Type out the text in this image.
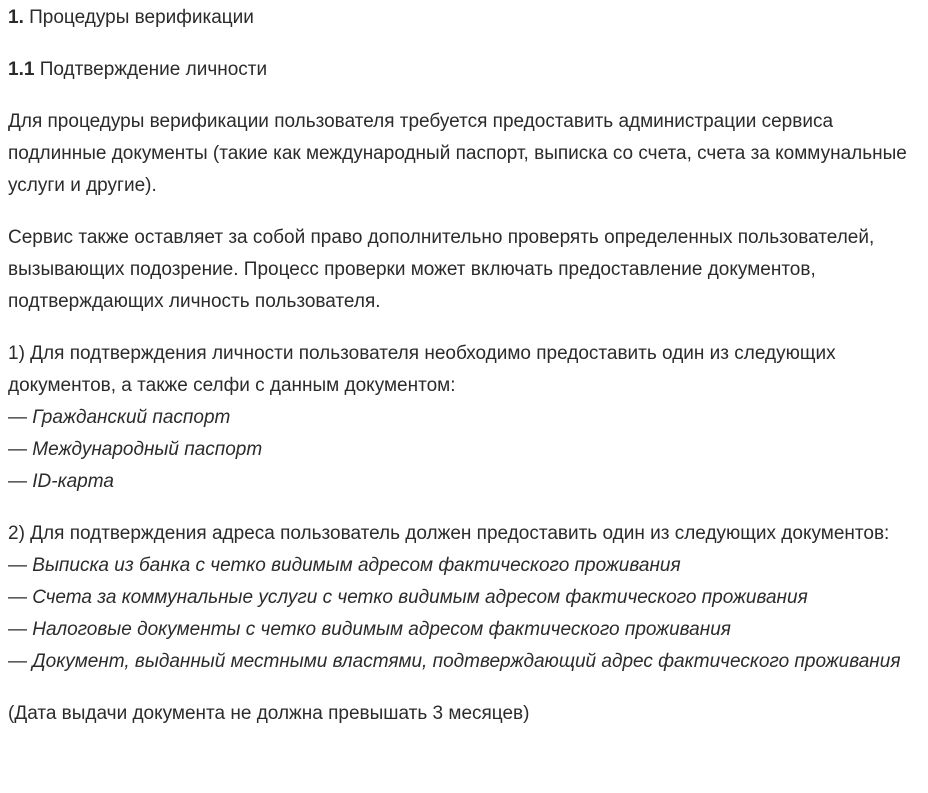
1. Процедуры верификации

1.1 Подтверждение личности

Для процедуры верификации пользователя требуется предоставить администрации сервиса подлинные документы (такие как международный паспорт, выписка со счета, счета за коммунальные услуги и другие).

Сервис также оставляет за собой право дополнительно проверять определенных пользователей, вызывающих подозрение. Процесс проверки может включать предоставление документов, подтверждающих личность пользователя.

1) Для подтверждения личности пользователя необходимо предоставить один из следующих документов, а также селфи с данным документом:
— Гражданский паспорт
— Международный паспорт
— ID-карта

2) Для подтверждения адреса пользователь должен предоставить один из следующих документов:
— Выписка из банка с четко видимым адресом фактического проживания
— Счета за коммунальные услуги с четко видимым адресом фактического проживания
— Налоговые документы с четко видимым адресом фактического проживания
— Документ, выданный местными властями, подтверждающий адрес фактического проживания

(Дата выдачи документа не должна превышать 3 месяцев)
